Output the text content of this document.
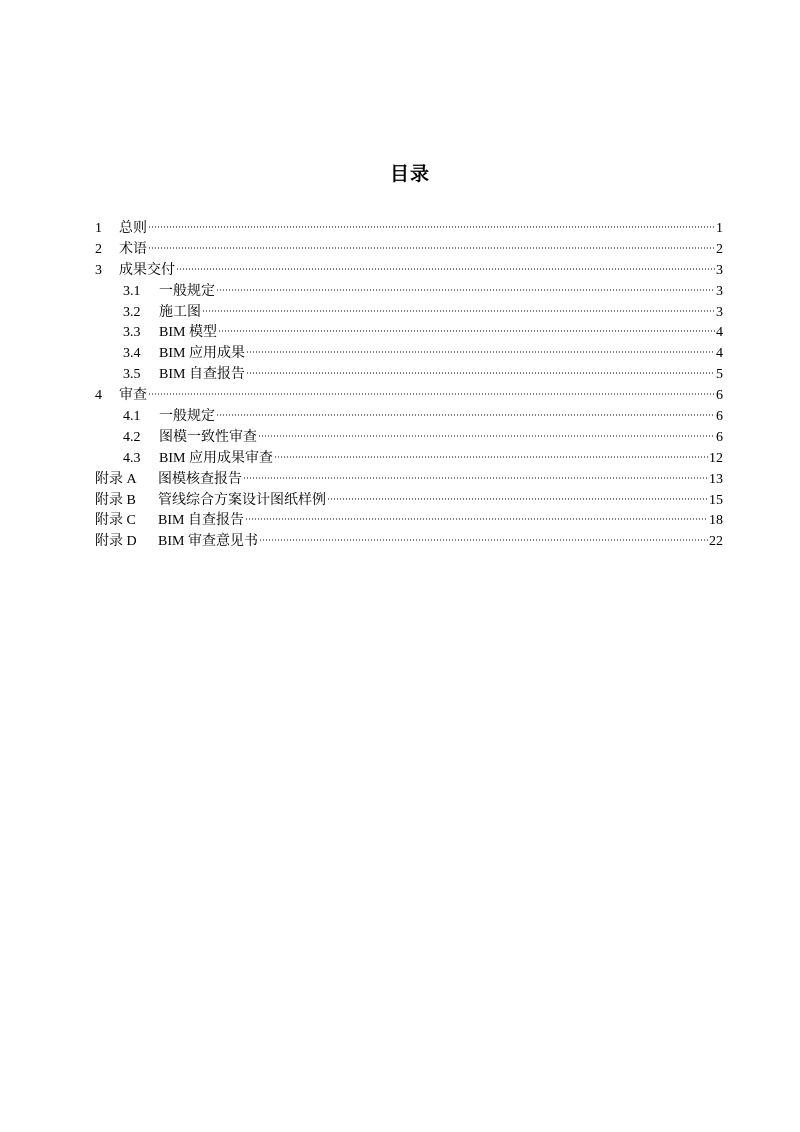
目录
1	总则	1
2	术语	2
3	成果交付	3
3.1	一般规定	3
3.2	施工图	3
3.3	BIM 模型	4
3.4	BIM 应用成果	4
3.5	BIM 自查报告	5
4	审查	6
4.1	一般规定	6
4.2	图模一致性审查	6
4.3	BIM 应用成果审查	12
附录 A	图模核查报告	13
附录 B	管线综合方案设计图纸样例	15
附录 C	BIM 自查报告	18
附录 D	BIM 审查意见书	22
